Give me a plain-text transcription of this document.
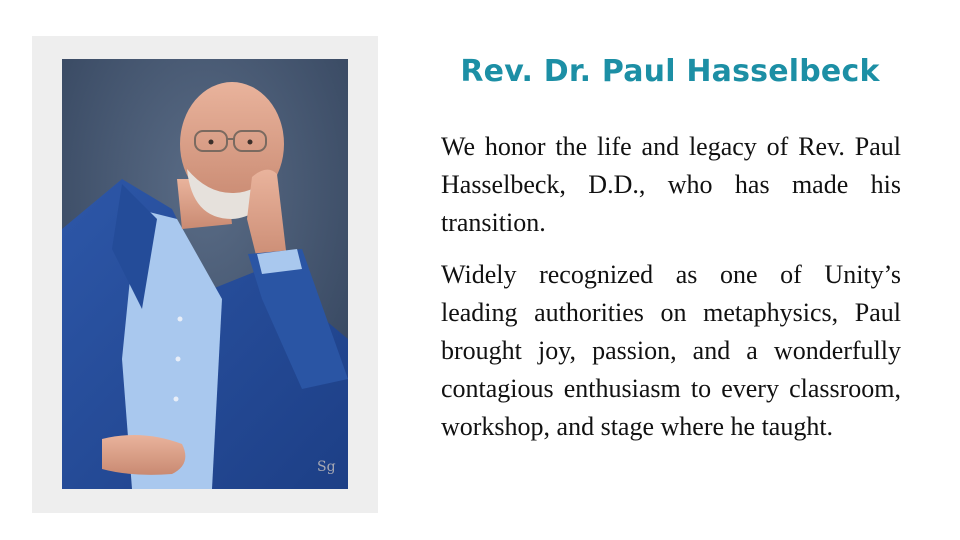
Sg
Rev. Dr. Paul Hasselbeck

We honor the life and legacy of Rev. Paul Hasselbeck, D.D., who has made his transition.

Widely recognized as one of Unity’s leading authorities on metaphysics, Paul brought joy, passion, and a wonderfully contagious enthusiasm to every classroom, workshop, and stage where he taught.
